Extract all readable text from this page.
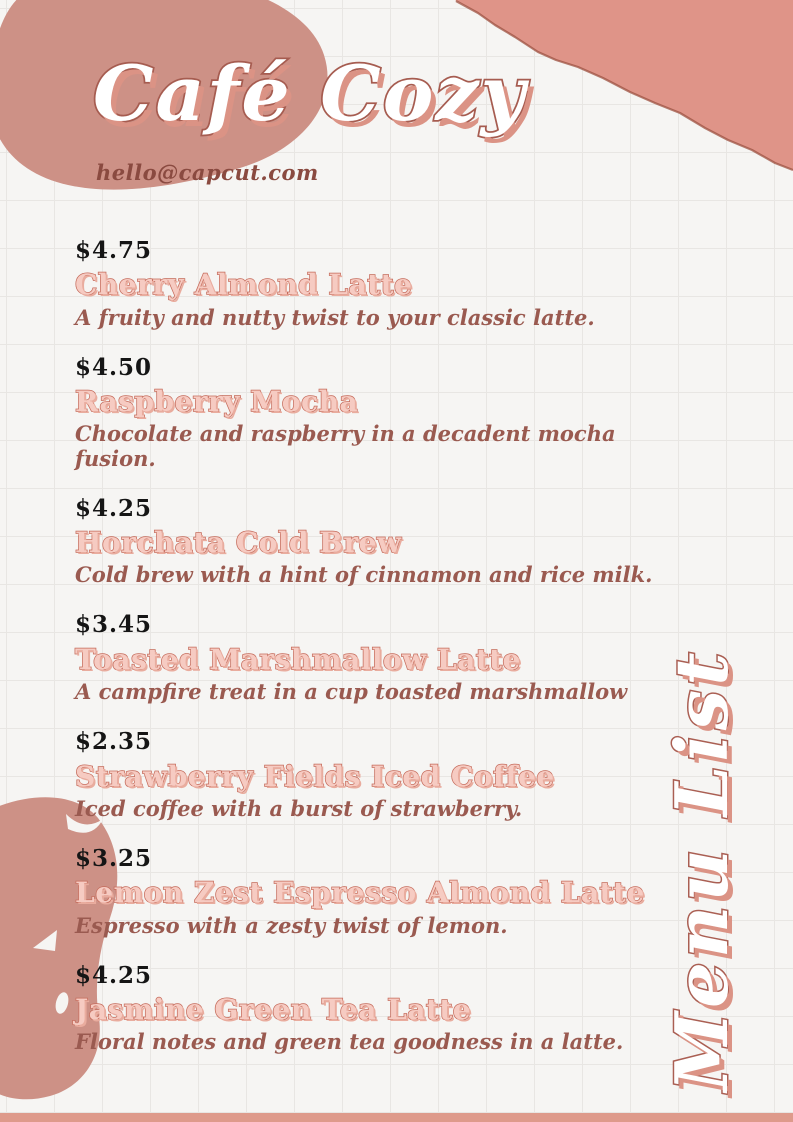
Café Cozy
hello@capcut.com
$4.75
Cherry Almond Latte
A fruity and nutty twist to your classic latte.
$4.50
Raspberry Mocha
Chocolate and raspberry in a decadent mocha fusion.
$4.25
Horchata Cold Brew
Cold brew with a hint of cinnamon and rice milk.
$3.45
Toasted Marshmallow Latte
A campfire treat in a cup toasted marshmallow
$2.35
Strawberry Fields Iced Coffee
Iced coffee with a burst of strawberry.
$3.25
Lemon Zest Espresso Almond Latte
Espresso with a zesty twist of lemon.
$4.25
Jasmine Green Tea Latte
Floral notes and green tea goodness in a latte. Menu List
